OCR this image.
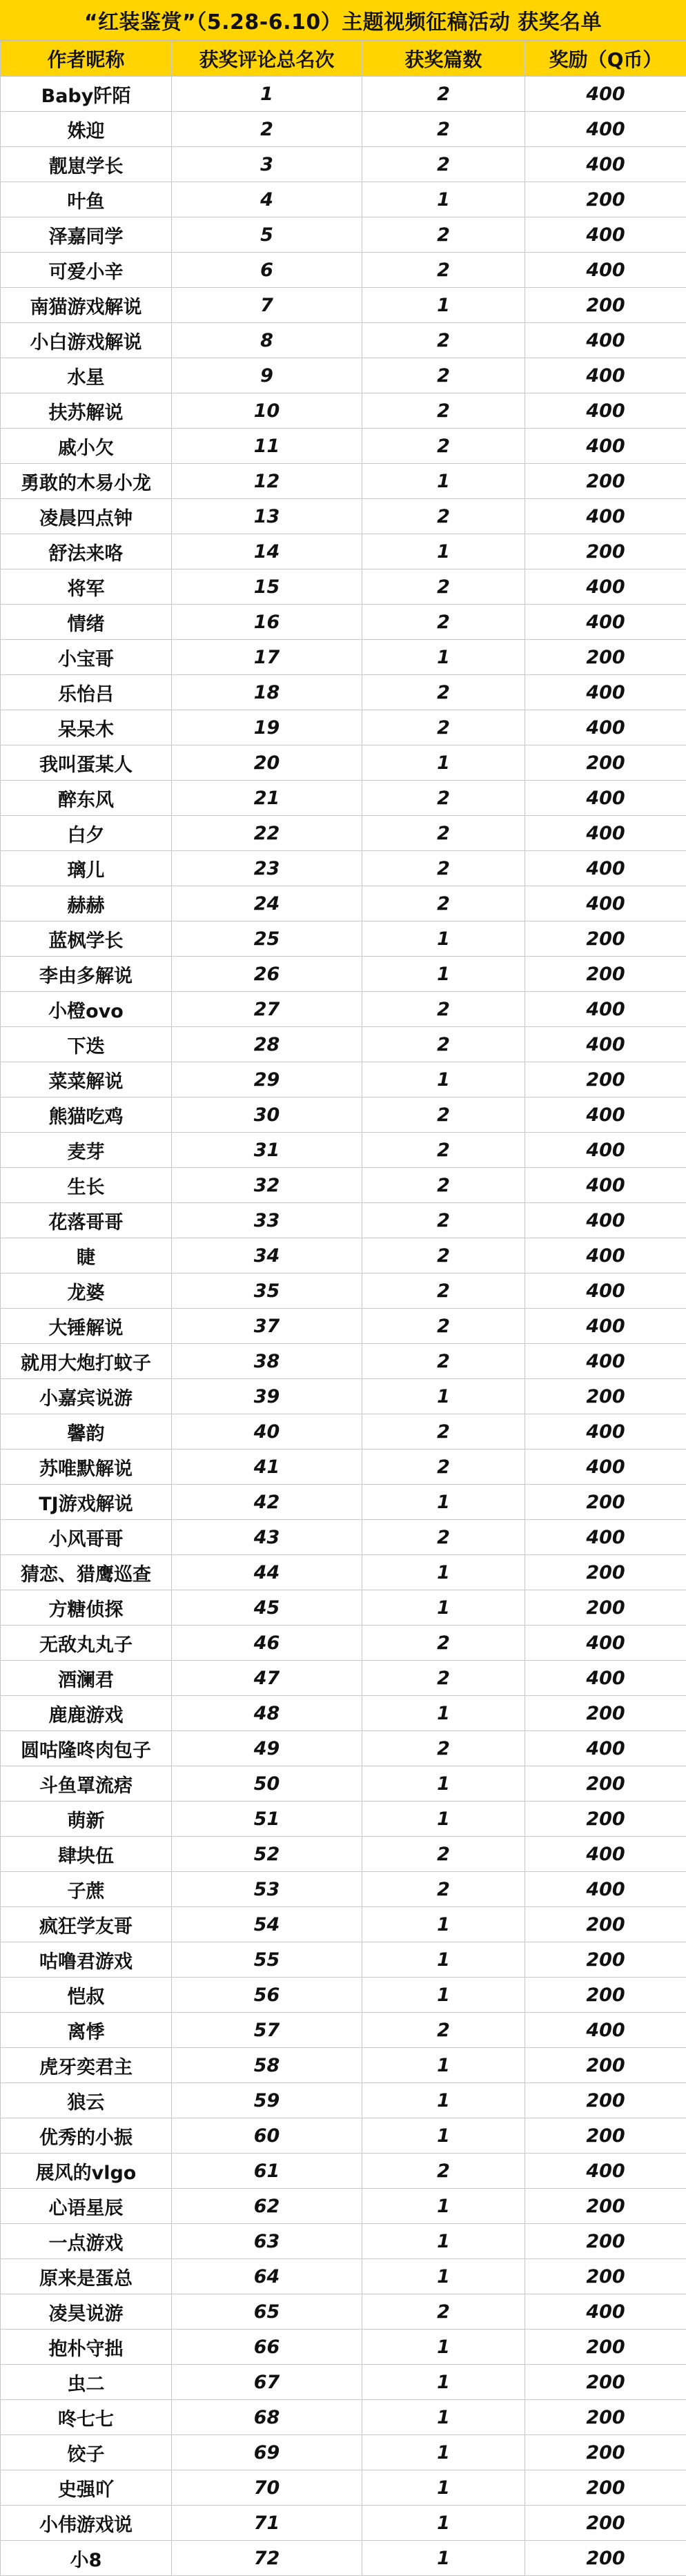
“红装鉴赏”（5.28-6.10）主题视频征稿活动 获奖名单
作者昵称	获奖评论总名次	获奖篇数	奖励（Q币）
Baby阡陌	1	2	400
姝迎	2	2	400
靓崽学长	3	2	400
叶鱼	4	1	200
泽嘉同学	5	2	400
可爱小辛	6	2	400
南猫游戏解说	7	1	200
小白游戏解说	8	2	400
水星	9	2	400
扶苏解说	10	2	400
戚小欠	11	2	400
勇敢的木易小龙	12	1	200
凌晨四点钟	13	2	400
舒法来咯	14	1	200
将军	15	2	400
情绪	16	2	400
小宝哥	17	1	200
乐怡吕	18	2	400
呆呆木	19	2	400
我叫蛋某人	20	1	200
醉东风	21	2	400
白夕	22	2	400
璃儿	23	2	400
赫赫	24	2	400
蓝枫学长	25	1	200
李由多解说	26	1	200
小橙ovo	27	2	400
下迭	28	2	400
菜菜解说	29	1	200
熊猫吃鸡	30	2	400
麦芽	31	2	400
生长	32	2	400
花落哥哥	33	2	400
睫	34	2	400
龙婆	35	2	400
大锤解说	37	2	400
就用大炮打蚊子	38	2	400
小嘉宾说游	39	1	200
馨韵	40	2	400
苏唯默解说	41	2	400
TJ游戏解说	42	1	200
小风哥哥	43	2	400
猜恋、猎鹰巡查	44	1	200
方糖侦探	45	1	200
无敌丸丸子	46	2	400
酒澜君	47	2	400
鹿鹿游戏	48	1	200
圆咕隆咚肉包子	49	2	400
斗鱼罩流痞	50	1	200
萌新	51	1	200
肆块伍	52	2	400
子蔗	53	2	400
疯狂学友哥	54	1	200
咕噜君游戏	55	1	200
恺叔	56	1	200
离悸	57	2	400
虎牙奕君主	58	1	200
狼云	59	1	200
优秀的小振	60	1	200
展风的vlgo	61	2	400
心语星辰	62	1	200
一点游戏	63	1	200
原来是蛋总	64	1	200
凌昊说游	65	2	400
抱朴守拙	66	1	200
虫二	67	1	200
咚七七	68	1	200
饺子	69	1	200
史强吖	70	1	200
小伟游戏说	71	1	200
小8	72	1	200
